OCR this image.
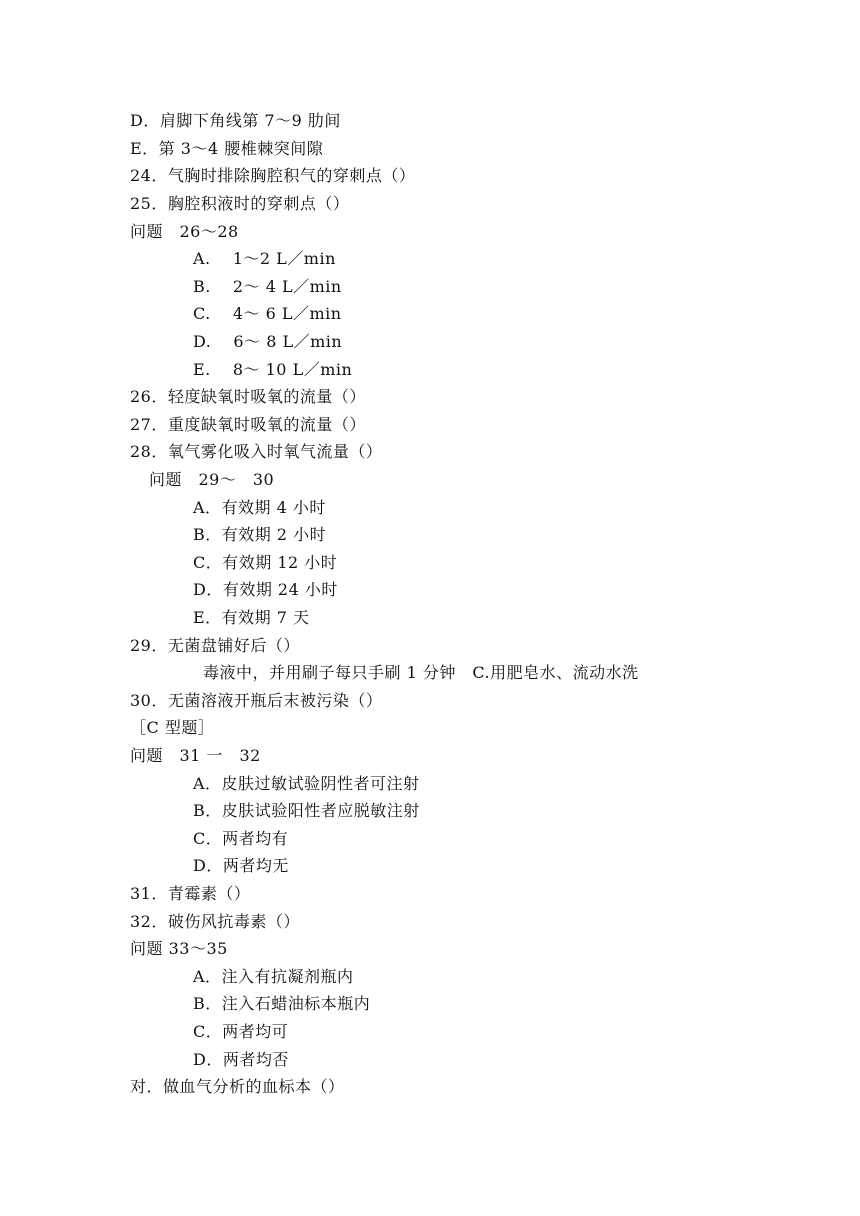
D．肩脚下角线第 7～9 肋间
E．第 3～4 腰椎棘突间隙
24．气胸时排除胸腔积气的穿刺点（）
25．胸腔积液时的穿刺点（）
问题　26～28
A.　 1～2 L／min
B.　 2～ 4 L／min
C.　 4～ 6 L／min
D.　 6～ 8 L／min
E.　 8～ 10 L／min
26．轻度缺氧时吸氧的流量（）
27．重度缺氧时吸氧的流量（）
28．氧气雾化吸入时氧气流量（）
问题　29～　30
A．有效期 4 小时
B．有效期 2 小时
C．有效期 12 小时
D．有效期 24 小时
E．有效期 7 天
29．无菌盘铺好后（）
毒液中，并用刷子每只手刷 1 分钟　C.用肥皂水、流动水洗
30．无菌溶液开瓶后末被污染（）
［C 型题］
问题　31 一　32
A．皮肤过敏试验阴性者可注射
B．皮肤试验阳性者应脱敏注射
C．两者均有
D．两者均无
31．青霉素（）
32．破伤风抗毒素（）
问题 33～35
A．注入有抗凝剂瓶内
B．注入石蜡油标本瓶内
C．两者均可
D．两者均否
对．做血气分析的血标本（）
